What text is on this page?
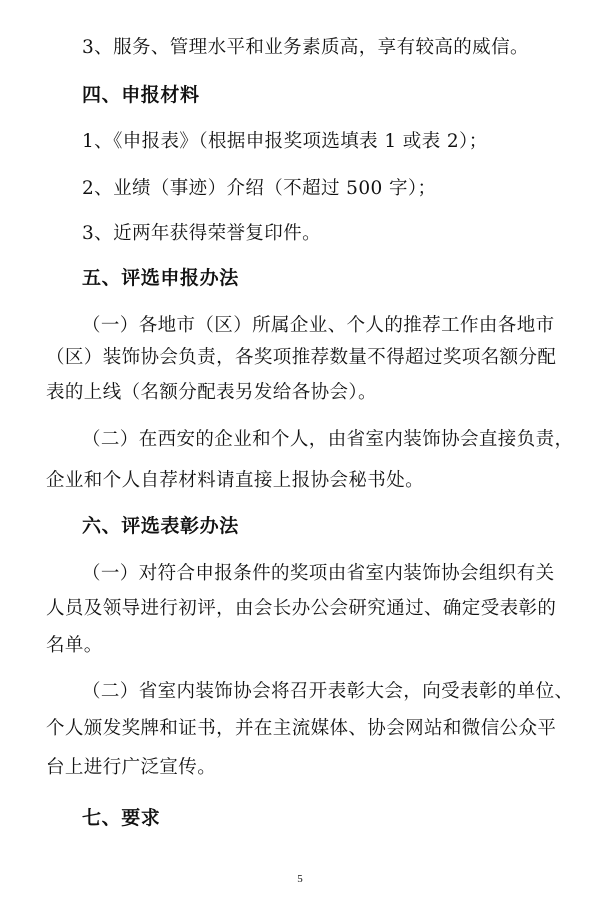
3、服务、管理水平和业务素质高，享有较高的威信。
四、申报材料
1、《申报表》（根据申报奖项选填表 1 或表 2）；
2、业绩（事迹）介绍（不超过 500 字）；
3、近两年获得荣誉复印件。
五、评选申报办法
（一）各地市（区）所属企业、个人的推荐工作由各地市
（区）装饰协会负责，各奖项推荐数量不得超过奖项名额分配
表的上线（名额分配表另发给各协会）。
（二）在西安的企业和个人，由省室内装饰协会直接负责，
企业和个人自荐材料请直接上报协会秘书处。
六、评选表彰办法
（一）对符合申报条件的奖项由省室内装饰协会组织有关
人员及领导进行初评，由会长办公会研究通过、确定受表彰的
名单。
（二）省室内装饰协会将召开表彰大会，向受表彰的单位、
个人颁发奖牌和证书，并在主流媒体、协会网站和微信公众平
台上进行广泛宣传。
七、要求
5
